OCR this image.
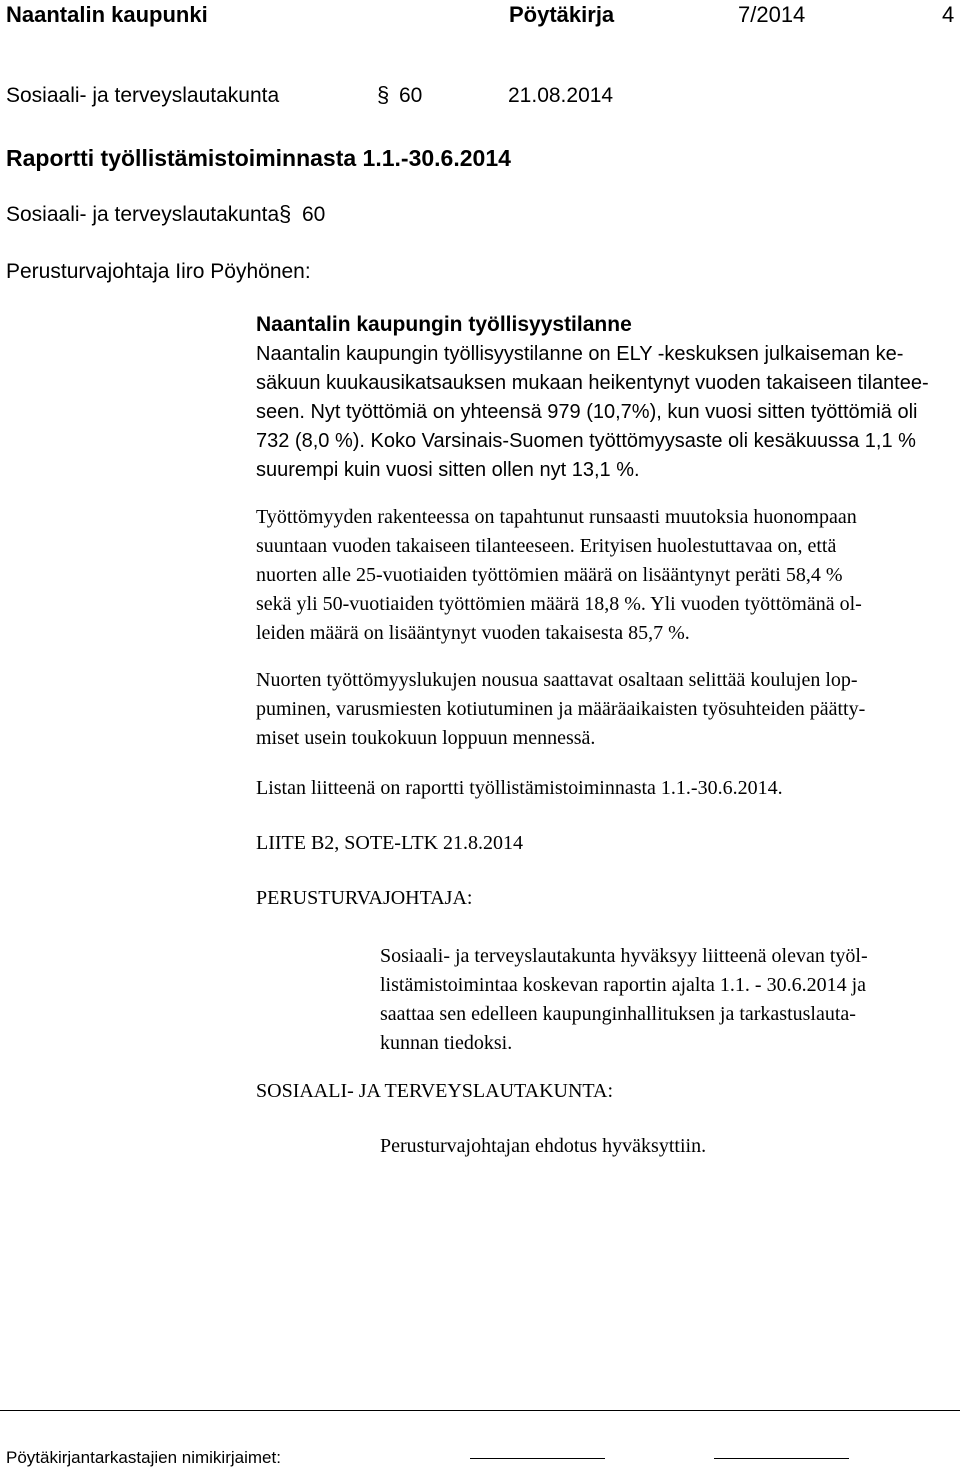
Naantalin kaupunki	Pöytäkirja	7/2014	4
Sosiaali- ja terveyslautakunta	§ 60	21.08.2014
Raportti työllistämistoiminnasta 1.1.-30.6.2014
Sosiaali- ja terveyslautakunta § 60
Perusturvajohtaja Iiro Pöyhönen:
Naantalin kaupungin työllisyystilanne
Naantalin kaupungin työllisyystilanne on ELY -keskuksen julkaiseman ke-
säkuun kuukausikatsauksen mukaan heikentynyt vuoden takaiseen tilantee-
seen. Nyt työttömiä on yhteensä 979 (10,7%), kun vuosi sitten työttömiä oli
732 (8,0 %). Koko Varsinais-Suomen työttömyysaste oli kesäkuussa 1,1 %
suurempi kuin vuosi sitten ollen nyt 13,1 %.
Työttömyyden rakenteessa on tapahtunut runsaasti muutoksia huonompaan
suuntaan vuoden takaiseen tilanteeseen. Erityisen huolestuttavaa on, että
nuorten alle 25-vuotiaiden työttömien määrä on lisääntynyt peräti 58,4 %
sekä yli 50-vuotiaiden työttömien määrä 18,8 %. Yli vuoden työttömänä ol-
leiden määrä on lisääntynyt vuoden takaisesta 85,7 %.
Nuorten työttömyyslukujen nousua saattavat osaltaan selittää koulujen lop-
puminen, varusmiesten kotiutuminen ja määräaikaisten työsuhteiden päätty-
miset usein toukokuun loppuun mennessä.
Listan liitteenä on raportti työllistämistoiminnasta 1.1.-30.6.2014.
LIITE B2, SOTE-LTK 21.8.2014
PERUSTURVAJOHTAJA:
Sosiaali- ja terveyslautakunta hyväksyy liitteenä olevan työl-
listämistoimintaa koskevan raportin ajalta 1.1. - 30.6.2014 ja
saattaa sen edelleen kaupunginhallituksen ja tarkastuslauta-
kunnan tiedoksi.
SOSIAALI- JA TERVEYSLAUTAKUNTA:
Perusturvajohtajan ehdotus hyväksyttiin.
Pöytäkirjantarkastajien nimikirjaimet:
